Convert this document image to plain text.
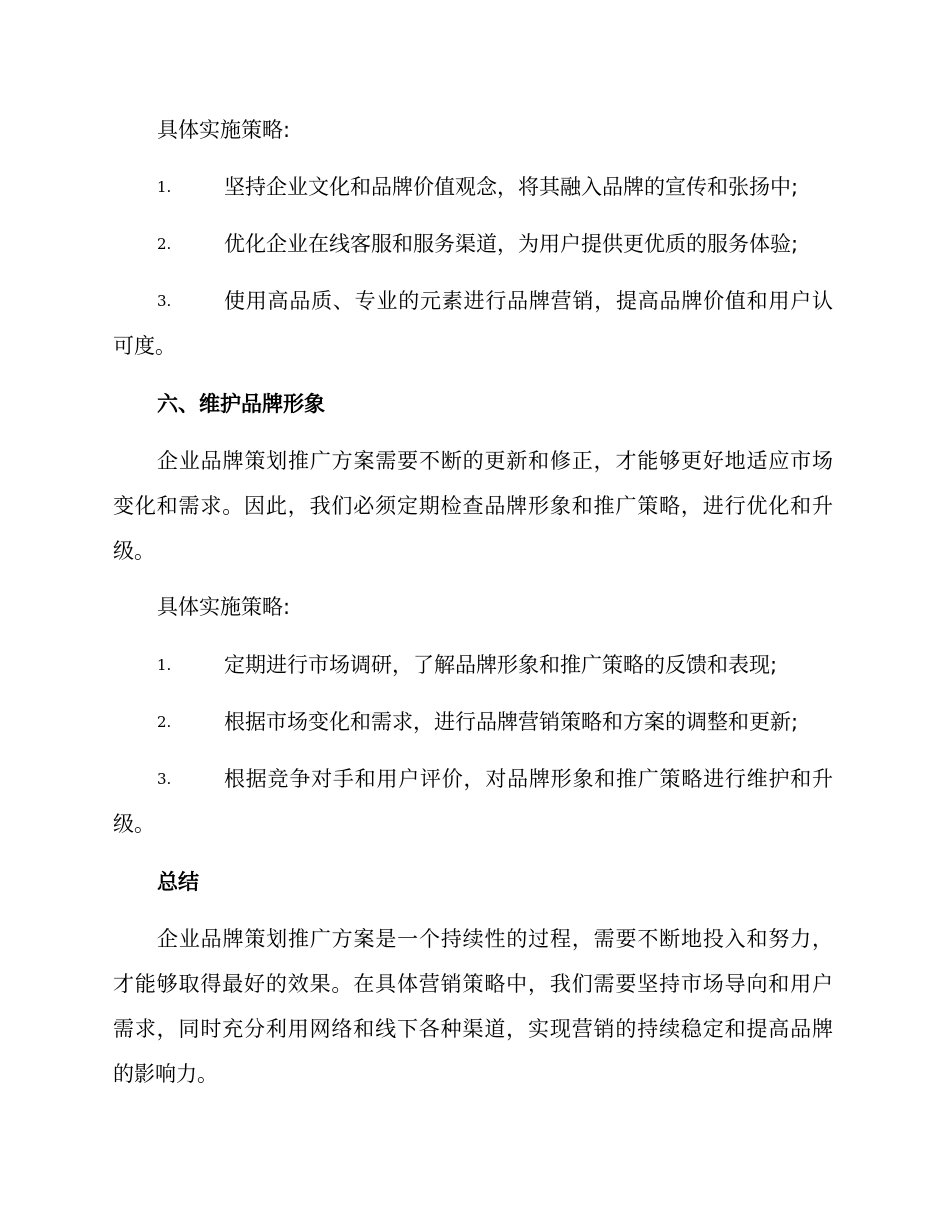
具体实施策略:
1.	坚持企业文化和品牌价值观念，将其融入品牌的宣传和张扬中;
2.	优化企业在线客服和服务渠道，为用户提供更优质的服务体验;
3.	使用高品质、专业的元素进行品牌营销，提高品牌价值和用户认
可度。
六、维护品牌形象
企业品牌策划推广方案需要不断的更新和修正，才能够更好地适应市场
变化和需求。因此，我们必须定期检查品牌形象和推广策略，进行优化和升
级。
具体实施策略:
1.	定期进行市场调研，了解品牌形象和推广策略的反馈和表现;
2.	根据市场变化和需求，进行品牌营销策略和方案的调整和更新;
3.	根据竞争对手和用户评价，对品牌形象和推广策略进行维护和升
级。
总结
企业品牌策划推广方案是一个持续性的过程，需要不断地投入和努力，
才能够取得最好的效果。在具体营销策略中，我们需要坚持市场导向和用户
需求，同时充分利用网络和线下各种渠道，实现营销的持续稳定和提高品牌
的影响力。
